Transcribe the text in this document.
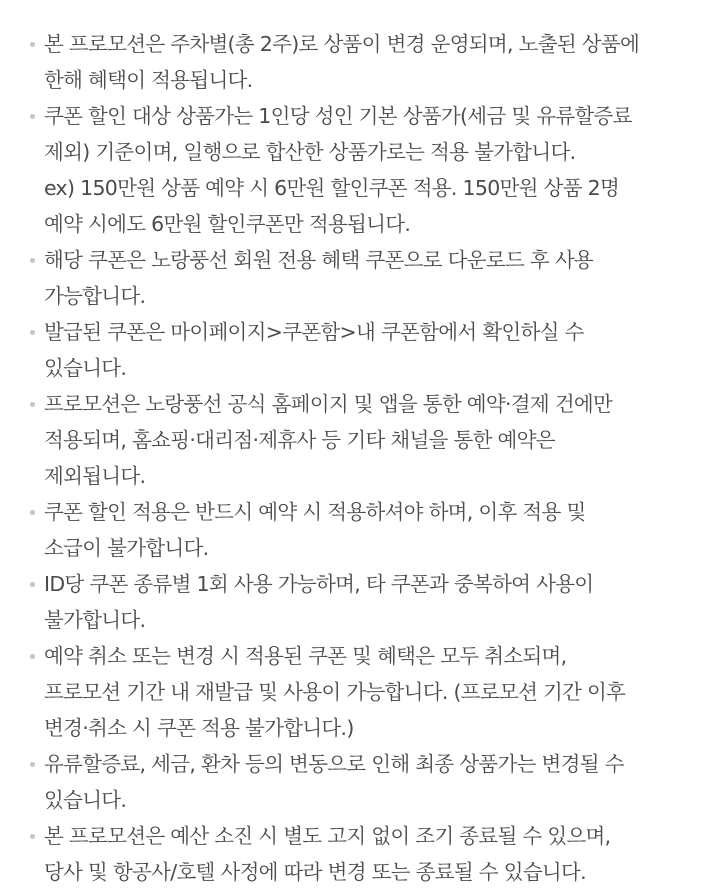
본 프로모션은 주차별(총 2주)로 상품이 변경 운영되며, 노출된 상품에
한해 혜택이 적용됩니다.
쿠폰 할인 대상 상품가는 1인당 성인 기본 상품가(세금 및 유류할증료
제외) 기준이며, 일행으로 합산한 상품가로는 적용 불가합니다.
ex) 150만원 상품 예약 시 6만원 할인쿠폰 적용. 150만원 상품 2명
예약 시에도 6만원 할인쿠폰만 적용됩니다.
해당 쿠폰은 노랑풍선 회원 전용 혜택 쿠폰으로 다운로드 후 사용
가능합니다.
발급된 쿠폰은 마이페이지>쿠폰함>내 쿠폰함에서 확인하실 수
있습니다.
프로모션은 노랑풍선 공식 홈페이지 및 앱을 통한 예약·결제 건에만
적용되며, 홈쇼핑·대리점·제휴사 등 기타 채널을 통한 예약은
제외됩니다.
쿠폰 할인 적용은 반드시 예약 시 적용하셔야 하며, 이후 적용 및
소급이 불가합니다.
ID당 쿠폰 종류별 1회 사용 가능하며, 타 쿠폰과 중복하여 사용이
불가합니다.
예약 취소 또는 변경 시 적용된 쿠폰 및 혜택은 모두 취소되며,
프로모션 기간 내 재발급 및 사용이 가능합니다. (프로모션 기간 이후
변경·취소 시 쿠폰 적용 불가합니다.)
유류할증료, 세금, 환차 등의 변동으로 인해 최종 상품가는 변경될 수
있습니다.
본 프로모션은 예산 소진 시 별도 고지 없이 조기 종료될 수 있으며,
당사 및 항공사/호텔 사정에 따라 변경 또는 종료될 수 있습니다.
